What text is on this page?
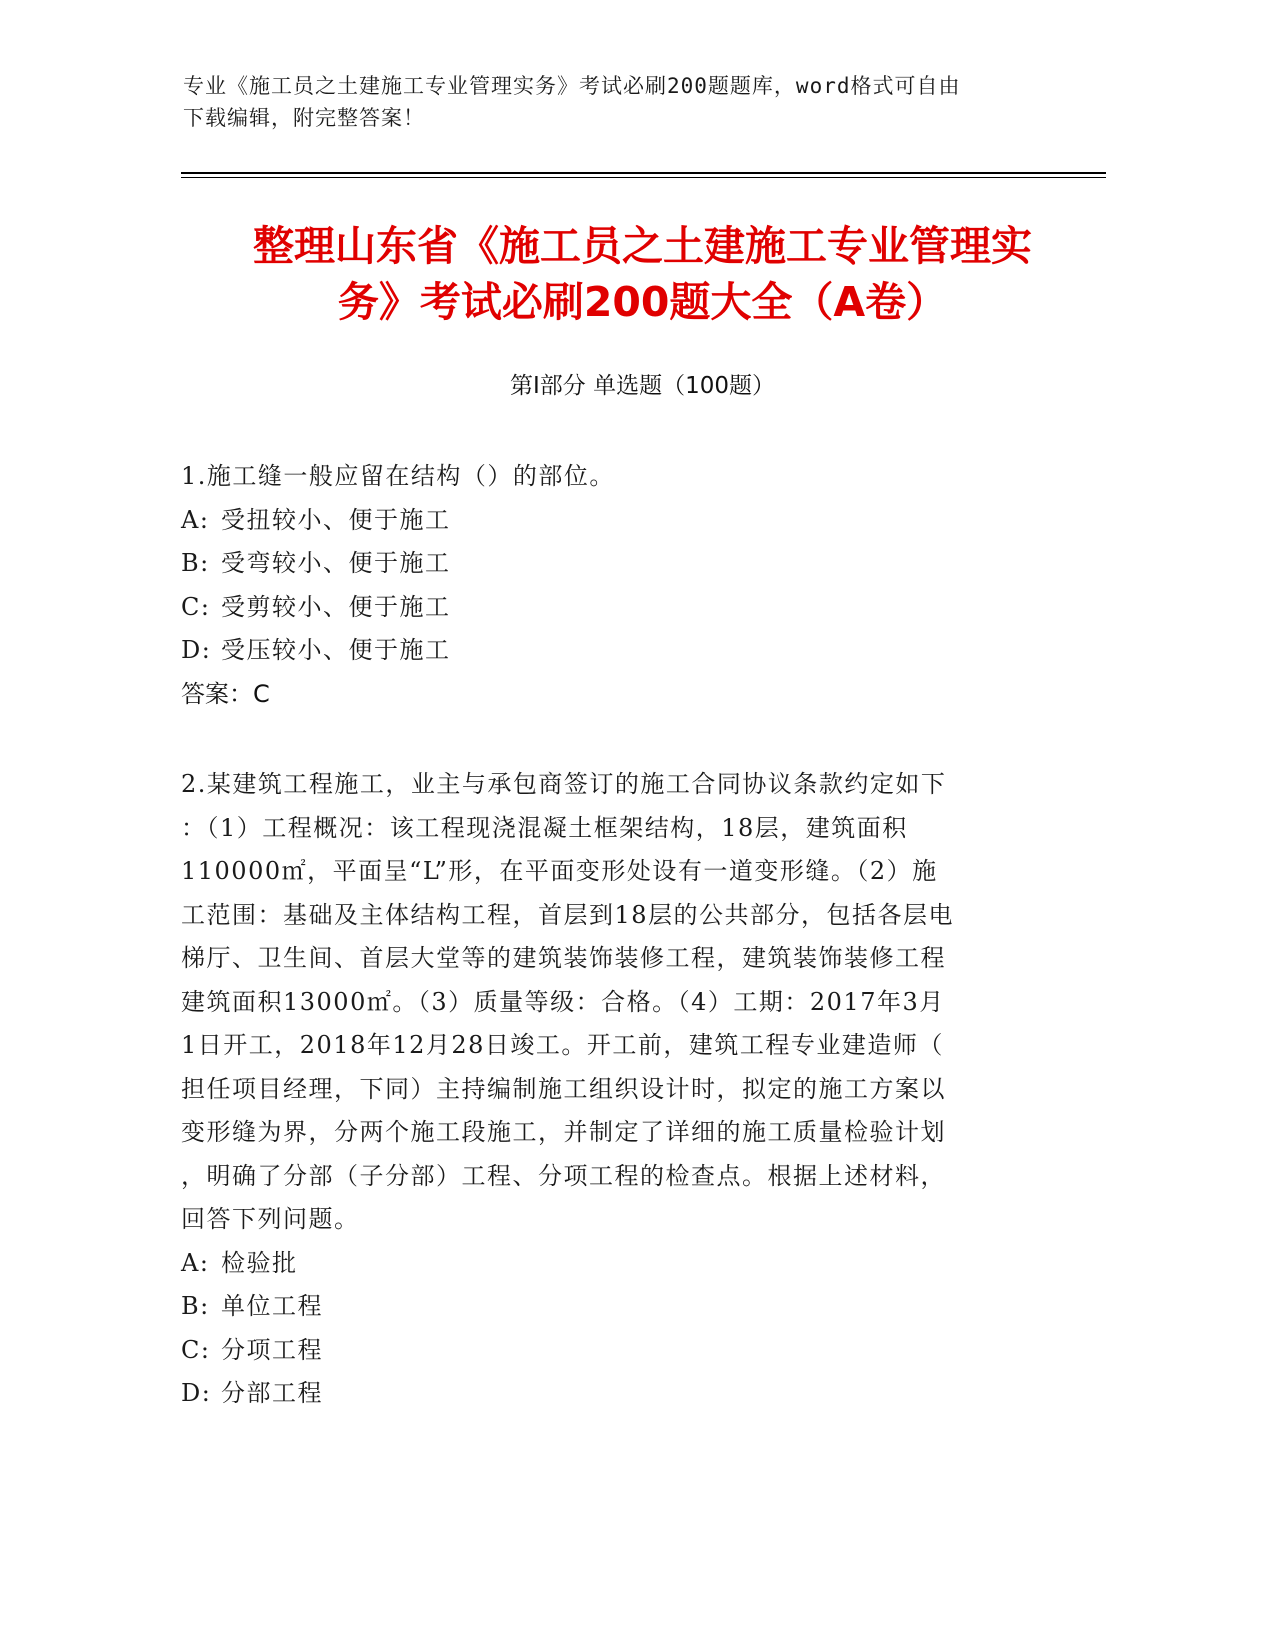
专业《施工员之土建施工专业管理实务》考试必刷200题题库，word格式可自由
下载编辑，附完整答案！
整理山东省《施工员之土建施工专业管理实
务》考试必刷200题大全（A卷）
第Ⅰ部分 单选题（100题）
1.施工缝一般应留在结构（）的部位。
A: 受扭较小、便于施工
B: 受弯较小、便于施工
C: 受剪较小、便于施工
D: 受压较小、便于施工
答案：C
2.某建筑工程施工，业主与承包商签订的施工合同协议条款约定如下
：（1）工程概况：该工程现浇混凝土框架结构，18层，建筑面积
110000㎡，平面呈“L”形，在平面变形处设有一道变形缝。（2）施
工范围：基础及主体结构工程，首层到18层的公共部分，包括各层电
梯厅、卫生间、首层大堂等的建筑装饰装修工程，建筑装饰装修工程
建筑面积13000㎡。（3）质量等级：合格。（4）工期：2017年3月
1日开工，2018年12月28日竣工。开工前，建筑工程专业建造师（
担任项目经理，下同）主持编制施工组织设计时，拟定的施工方案以
变形缝为界，分两个施工段施工，并制定了详细的施工质量检验计划
，明确了分部（子分部）工程、分项工程的检查点。根据上述材料，
回答下列问题。
A: 检验批
B: 单位工程
C: 分项工程
D: 分部工程
